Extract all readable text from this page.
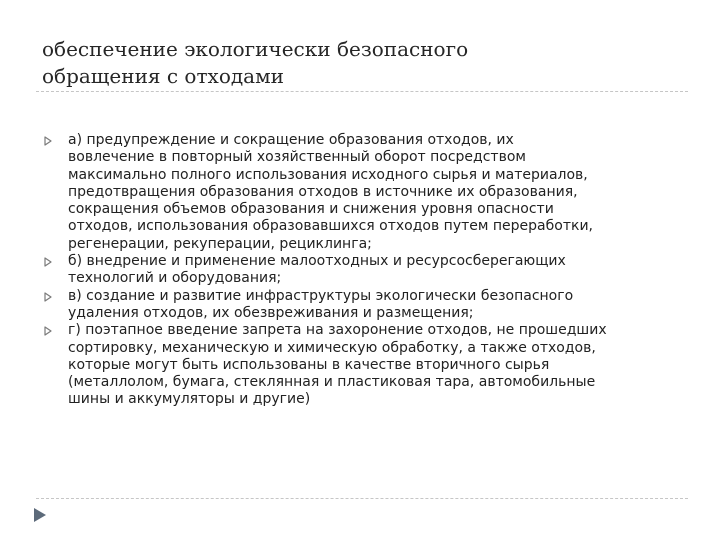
обеспечение экологически безопасного
обращения с отходами
а) предупреждение и сокращение образования отходов, их
вовлечение в повторный хозяйственный оборот посредством
максимально полного использования исходного сырья и материалов,
предотвращения образования отходов в источнике их образования,
сокращения объемов образования и снижения уровня опасности
отходов, использования образовавшихся отходов путем переработки,
регенерации, рекуперации, рециклинга;
б) внедрение и применение малоотходных и ресурсосберегающих
технологий и оборудования;
в) создание и развитие инфраструктуры экологически безопасного
удаления отходов, их обезвреживания и размещения;
г) поэтапное введение запрета на захоронение отходов, не прошедших
сортировку, механическую и химическую обработку, а также отходов,
которые могут быть использованы в качестве вторичного сырья
(металлолом, бумага, стеклянная и пластиковая тара, автомобильные
шины и аккумуляторы и другие)
